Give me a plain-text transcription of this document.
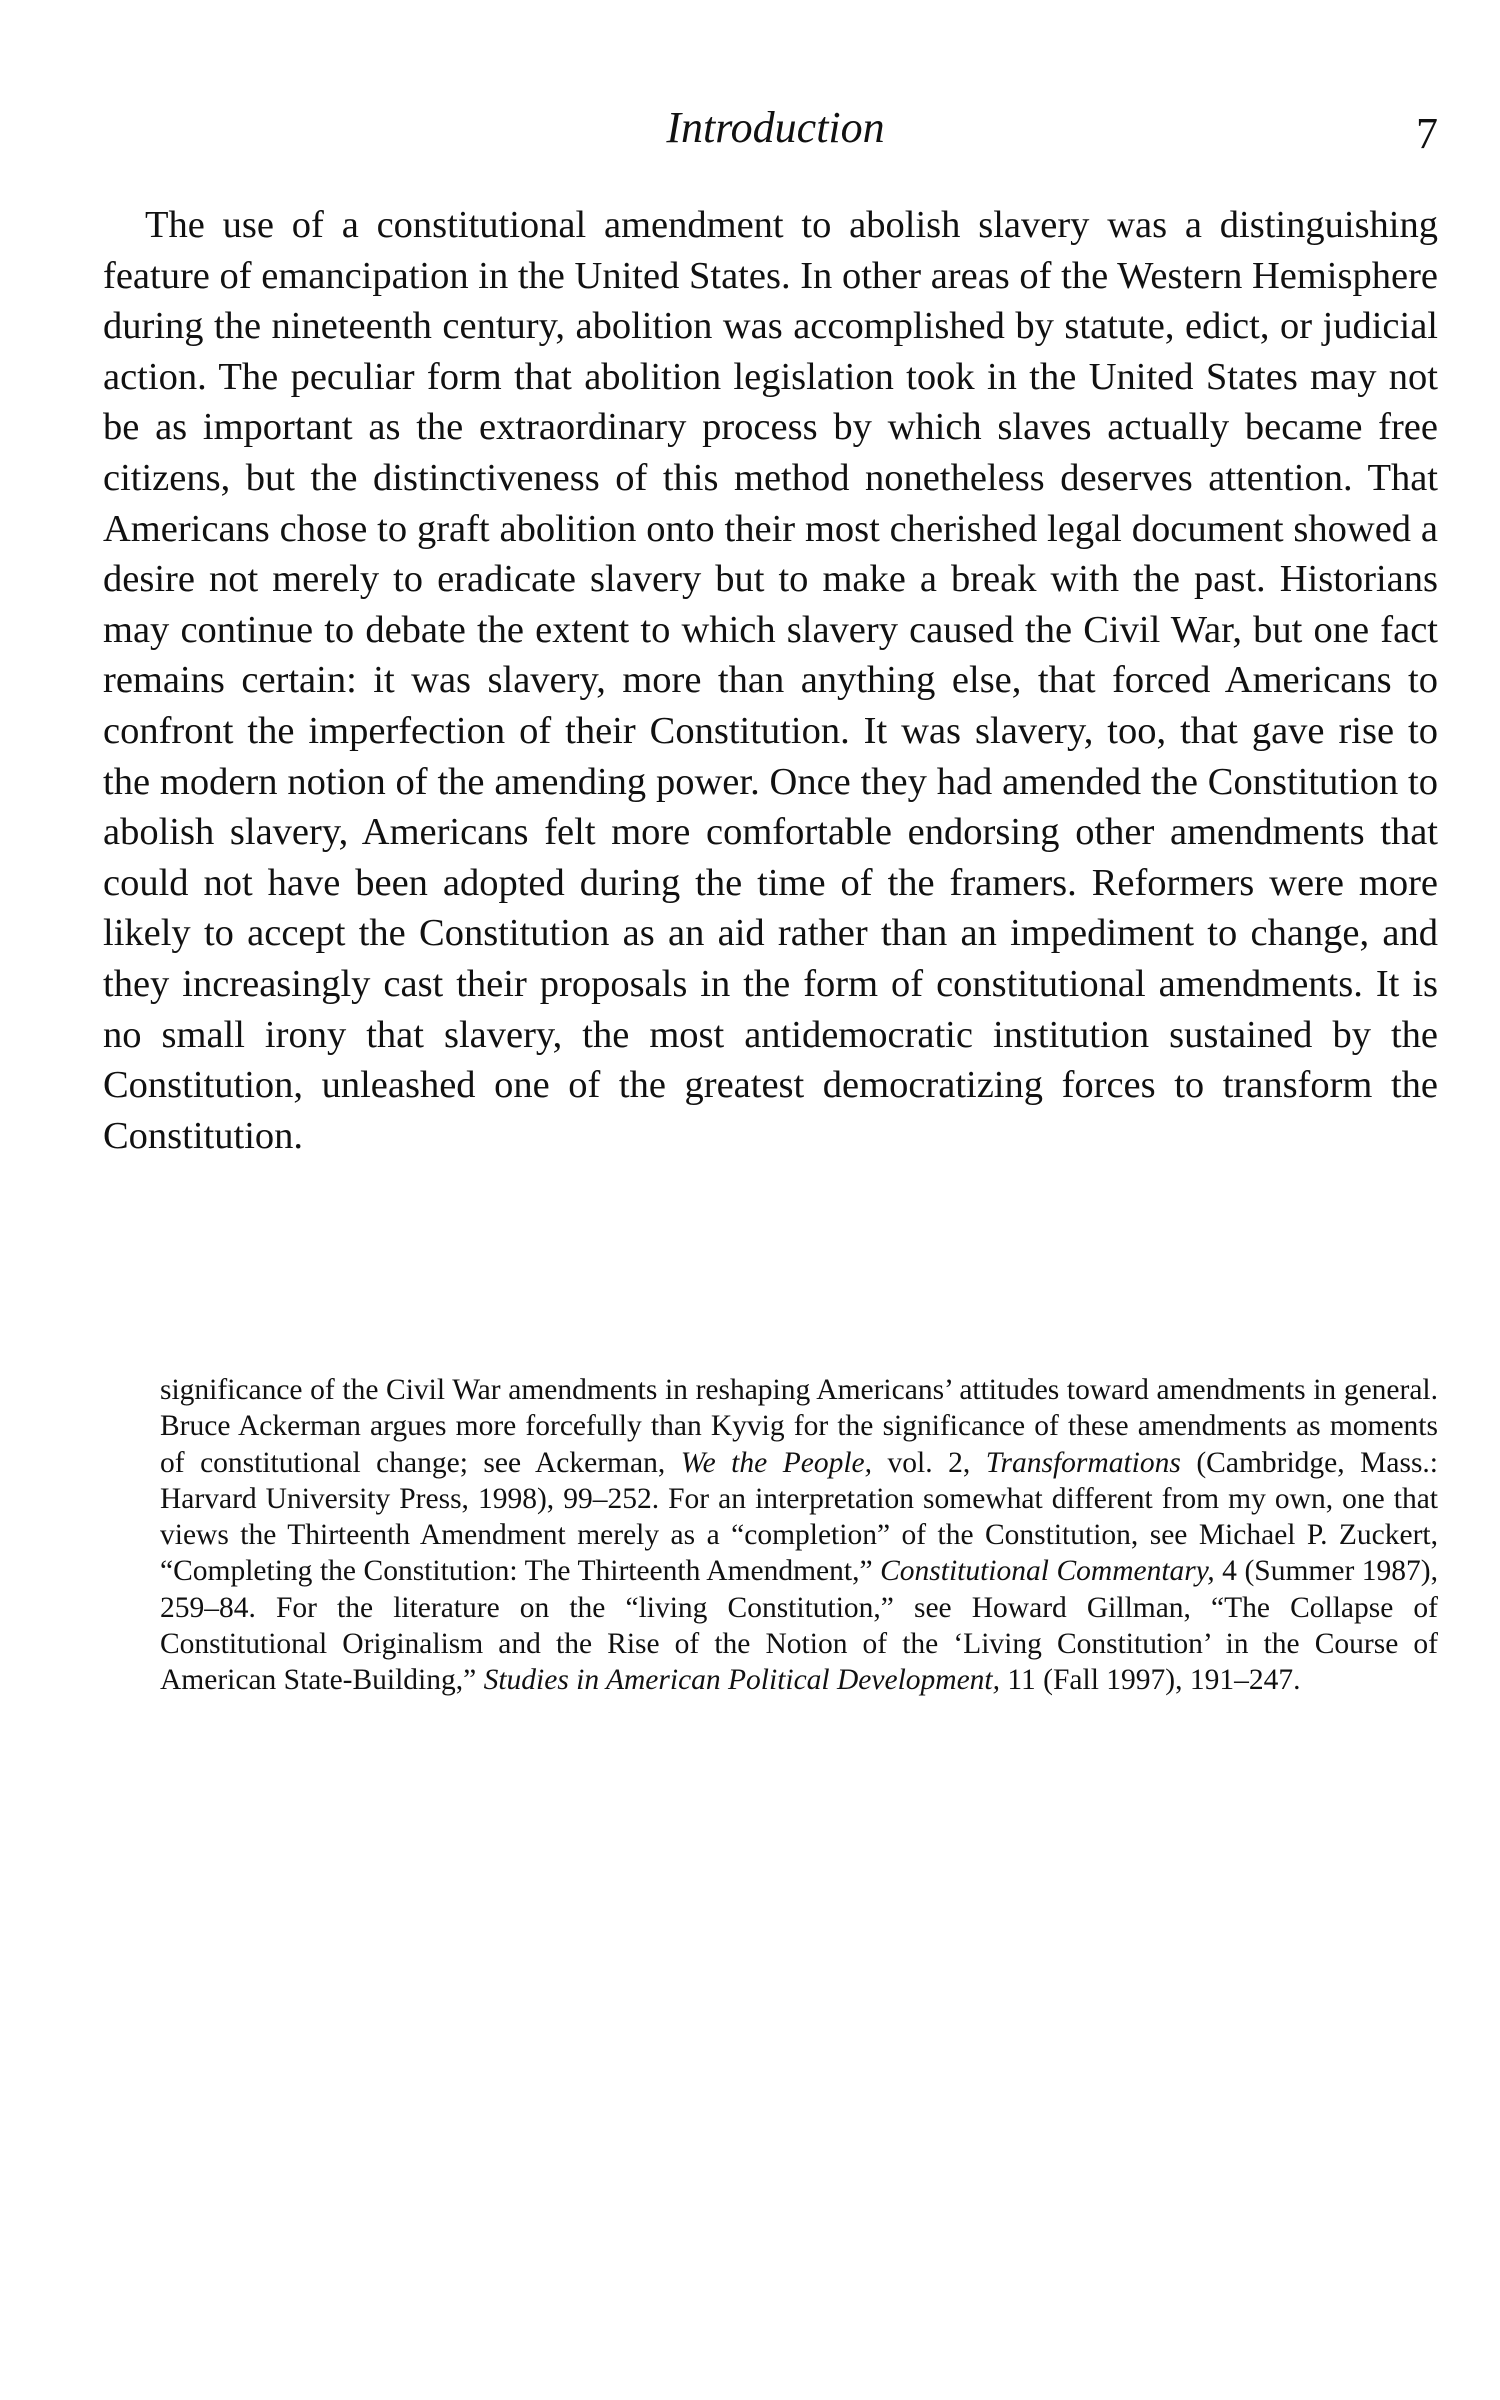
Introduction	7

The use of a constitutional amendment to abolish slavery was a distinguishing feature of emancipation in the United States. In other areas of the Western Hemisphere during the nineteenth century, abolition was accomplished by statute, edict, or judicial action. The peculiar form that abolition legislation took in the United States may not be as important as the extraordinary process by which slaves actually became free citizens, but the distinctiveness of this method nonetheless deserves attention. That Americans chose to graft abolition onto their most cherished legal document showed a desire not merely to eradicate slavery but to make a break with the past. Historians may continue to debate the extent to which slavery caused the Civil War, but one fact remains certain: it was slavery, more than anything else, that forced Americans to confront the imperfection of their Constitution. It was slavery, too, that gave rise to the modern notion of the amending power. Once they had amended the Constitution to abolish slavery, Americans felt more comfortable endorsing other amendments that could not have been adopted during the time of the framers. Reformers were more likely to accept the Constitution as an aid rather than an impediment to change, and they increasingly cast their proposals in the form of constitutional amendments. It is no small irony that slavery, the most antidemocratic institution sustained by the Constitution, unleashed one of the greatest democratizing forces to transform the Constitution.

significance of the Civil War amendments in reshaping Americans’ attitudes toward amendments in general. Bruce Ackerman argues more forcefully than Kyvig for the significance of these amendments as moments of constitutional change; see Ackerman, We the People, vol. 2, Transformations (Cambridge, Mass.: Harvard University Press, 1998), 99–252. For an interpretation somewhat different from my own, one that views the Thirteenth Amendment merely as a “completion” of the Constitution, see Michael P. Zuckert, “Completing the Constitution: The Thirteenth Amendment,” Constitutional Commentary, 4 (Summer 1987), 259–84. For the literature on the “living Constitution,” see Howard Gillman, “The Collapse of Constitutional Originalism and the Rise of the Notion of the ‘Living Constitution’ in the Course of American State-Building,” Studies in American Political Development, 11 (Fall 1997), 191–247.
